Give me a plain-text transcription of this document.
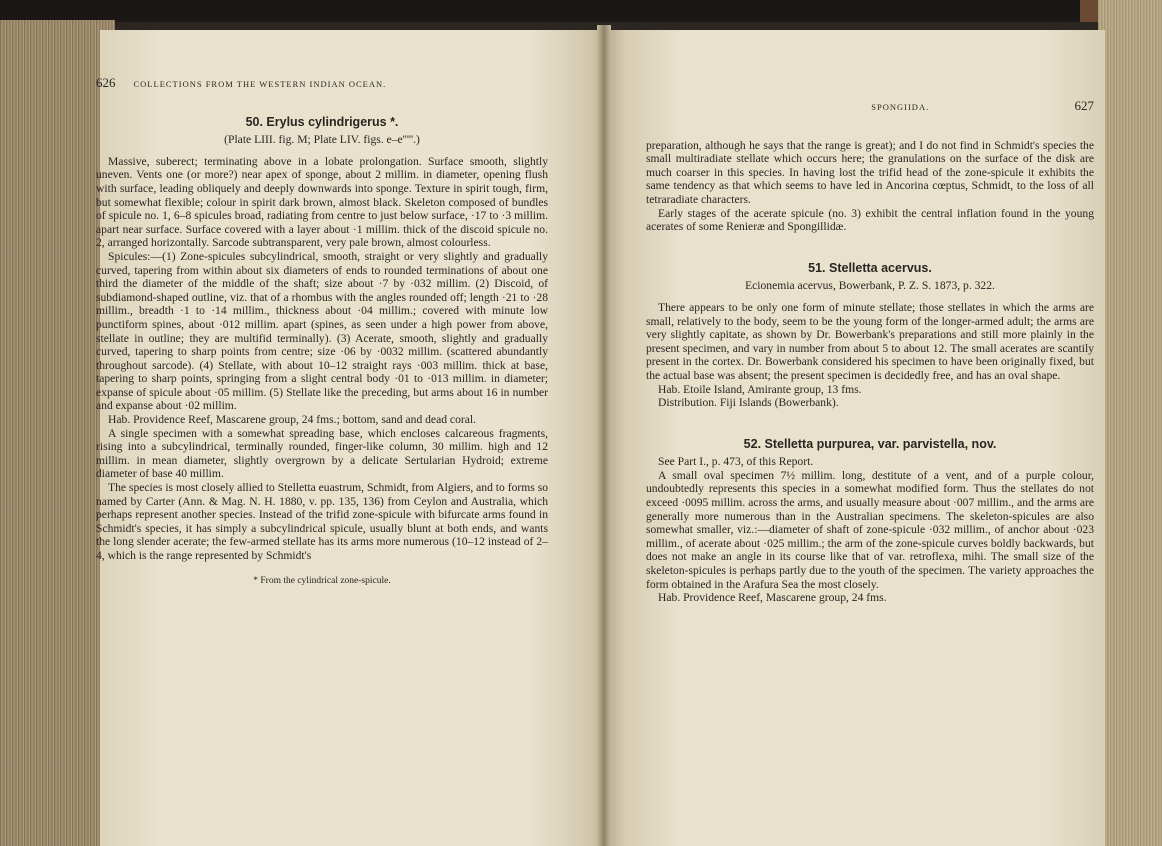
626 COLLECTIONS FROM THE WESTERN INDIAN OCEAN.
50. Erylus cylindrigerus *.
(Plate LIII. fig. M; Plate LIV. figs. e–e'''''.)

Massive, suberect; terminating above in a lobate prolongation. Surface smooth, slightly uneven. Vents one (or more?) near apex of sponge, about 2 millim. in diameter, opening flush with surface, leading obliquely and deeply downwards into sponge. Texture in spirit tough, firm, but somewhat flexible; colour in spirit dark brown, almost black. Skeleton composed of bundles of spicule no. 1, 6–8 spicules broad, radiating from centre to just below surface, ·17 to ·3 millim. apart near surface. Surface covered with a layer about ·1 millim. thick of the discoid spicule no. 2, arranged horizontally. Sarcode subtransparent, very pale brown, almost colourless.

Spicules:—(1) Zone-spicules subcylindrical, smooth, straight or very slightly and gradually curved, tapering from within about six diameters of ends to rounded terminations of about one third the diameter of the middle of the shaft; size about ·7 by ·032 millim. (2) Discoid, of subdiamond-shaped outline, viz. that of a rhombus with the angles rounded off; length ·21 to ·28 millim., breadth ·1 to ·14 millim., thickness about ·04 millim.; covered with minute low punctiform spines, about ·012 millim. apart (spines, as seen under a high power from above, stellate in outline; they are multifid terminally). (3) Acerate, smooth, slightly and gradually curved, tapering to sharp points from centre; size ·06 by ·0032 millim. (scattered abundantly throughout sarcode). (4) Stellate, with about 10–12 straight rays ·003 millim. thick at base, tapering to sharp points, springing from a slight central body ·01 to ·013 millim. in diameter; expanse of spicule about ·05 millim. (5) Stellate like the preceding, but arms about 16 in number and expanse about ·02 millim.

Hab. Providence Reef, Mascarene group, 24 fms.; bottom, sand and dead coral.

A single specimen with a somewhat spreading base, which encloses calcareous fragments, rising into a subcylindrical, terminally rounded, finger-like column, 30 millim. high and 12 millim. in mean diameter, slightly overgrown by a delicate Sertularian Hydroid; extreme diameter of base 40 millim.

The species is most closely allied to Stelletta euastrum, Schmidt, from Algiers, and to forms so named by Carter (Ann. & Mag. N. H. 1880, v. pp. 135, 136) from Ceylon and Australia, which perhaps represent another species. Instead of the trifid zone-spicule with bifurcate arms found in Schmidt's species, it has simply a subcylindrical spicule, usually blunt at both ends, and wants the long slender acerate; the few-armed stellate has its arms more numerous (10–12 instead of 2–4, which is the range represented by Schmidt's

* From the cylindrical zone-spicule.
SPONGIIDA.	627

preparation, although he says that the range is great); and I do not find in Schmidt's species the small multiradiate stellate which occurs here; the granulations on the surface of the disk are much coarser in this species. In having lost the trifid head of the zone-spicule it exhibits the same tendency as that which seems to have led in Ancorina cœptus, Schmidt, to the loss of all tetraradiate characters.

Early stages of the acerate spicule (no. 3) exhibit the central inflation found in the young acerates of some Renieræ and Spongillidæ.

51. Stelletta acervus.
Ecionemia acervus, Bowerbank, P. Z. S. 1873, p. 322.

There appears to be only one form of minute stellate; those stellates in which the arms are small, relatively to the body, seem to be the young form of the longer-armed adult; the arms are very slightly capitate, as shown by Dr. Bowerbank's preparations and still more plainly in the present specimen, and vary in number from about 5 to about 12. The small acerates are scantily present in the cortex. Dr. Bowerbank considered his specimen to have been originally fixed, but the actual base was absent; the present specimen is decidedly free, and has an oval shape.

Hab. Etoile Island, Amirante group, 13 fms.

Distribution. Fiji Islands (Bowerbank).

52. Stelletta purpurea, var. parvistella, nov.
See Part I., p. 473, of this Report.

A small oval specimen 7½ millim. long, destitute of a vent, and of a purple colour, undoubtedly represents this species in a somewhat modified form. Thus the stellates do not exceed ·0095 millim. across the arms, and usually measure about ·007 millim., and the arms are generally more numerous than in the Australian specimens. The skeleton-spicules are also somewhat smaller, viz.:—diameter of shaft of zone-spicule ·032 millim., of anchor about ·023 millim., of acerate about ·025 millim.; the arm of the zone-spicule curves boldly backwards, but does not make an angle in its course like that of var. retroflexa, mihi. The small size of the skeleton-spicules is perhaps partly due to the youth of the specimen. The variety approaches the form obtained in the Arafura Sea the most closely.

Hab. Providence Reef, Mascarene group, 24 fms.
